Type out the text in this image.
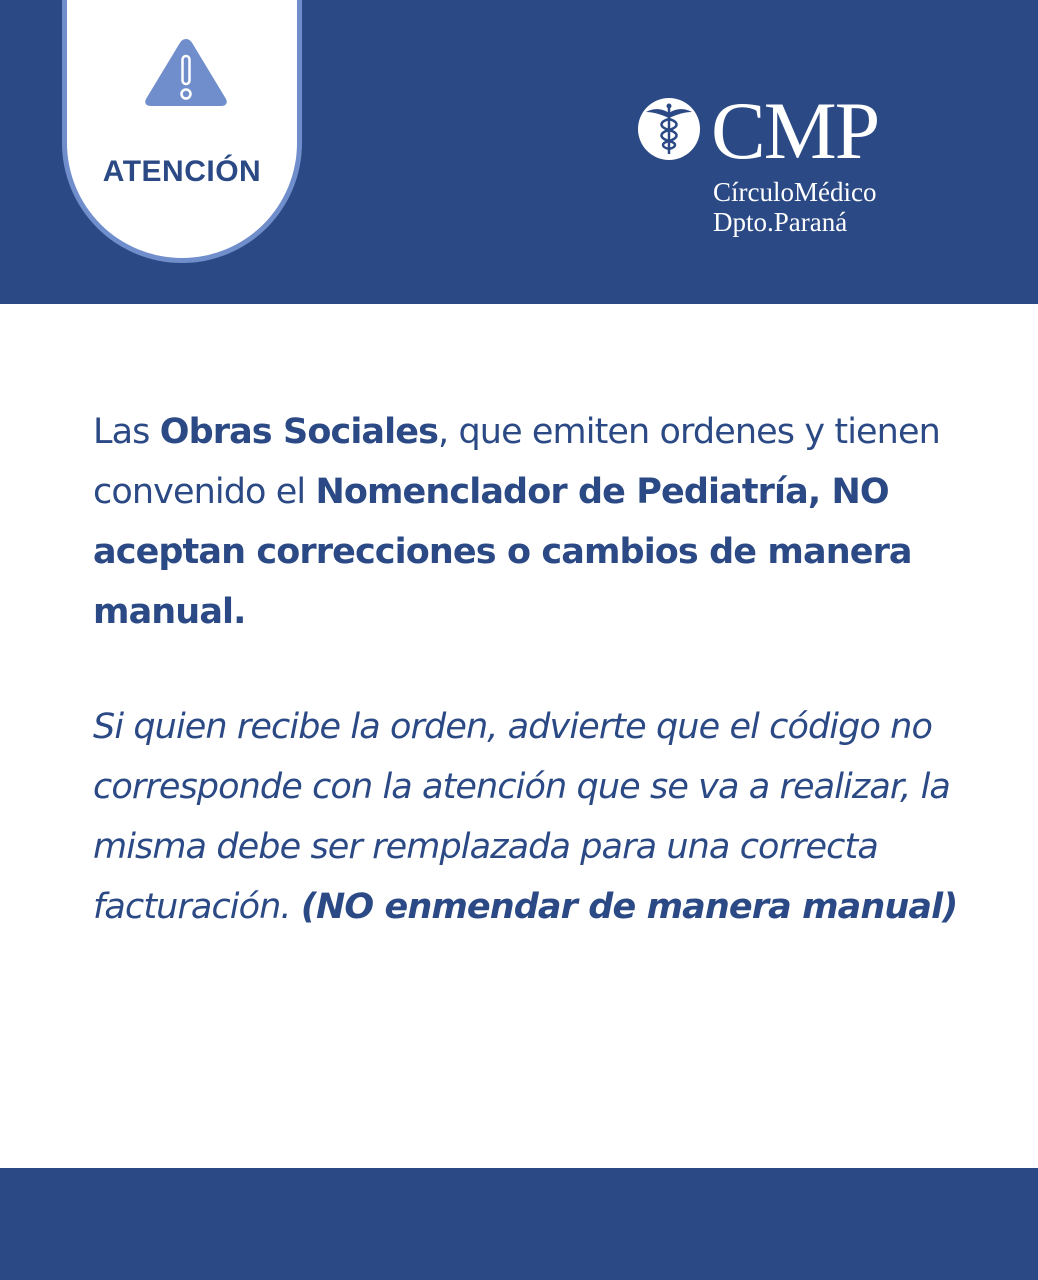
ATENCIÓN	CMP
CírculoMédico
Dpto.Paraná

Las Obras Sociales, que emiten ordenes y tienen convenido el Nomenclador de Pediatría, NO aceptan correcciones o cambios de manera manual.

Si quien recibe la orden, advierte que el código no corresponde con la atención que se va a realizar, la misma debe ser remplazada para una correcta facturación. (NO enmendar de manera manual)
